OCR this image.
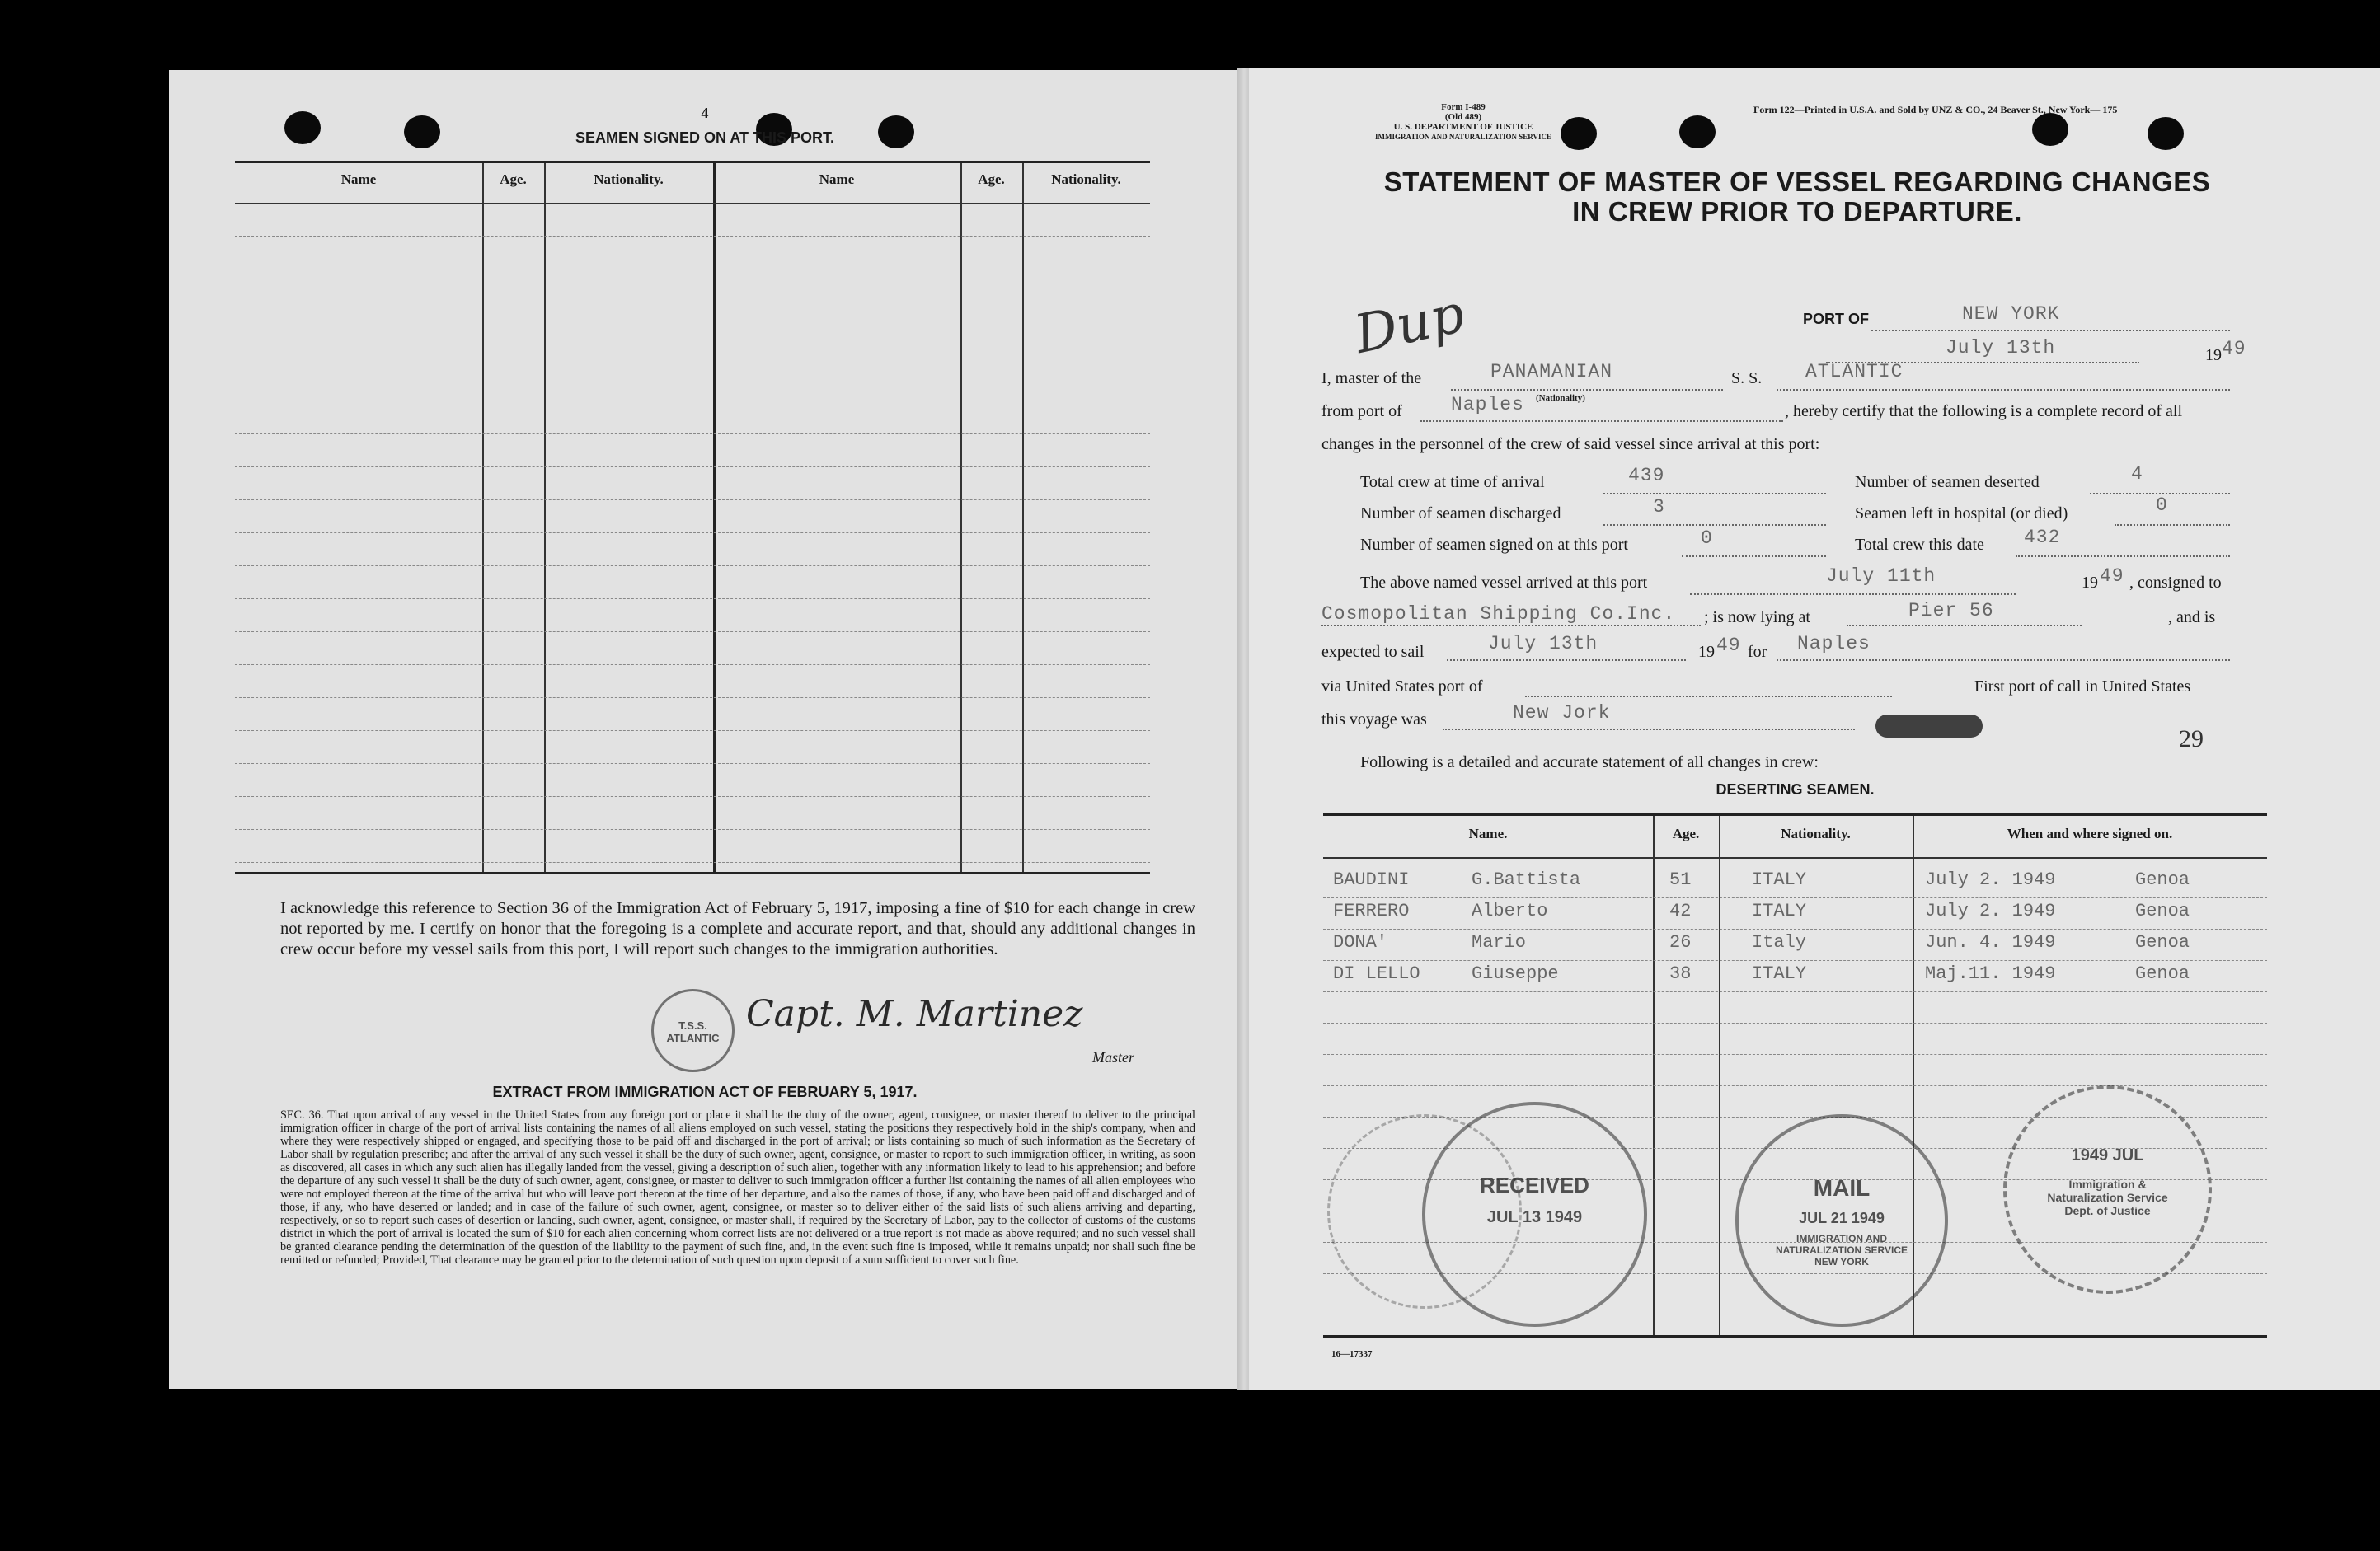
4
SEAMEN SIGNED ON AT THIS PORT.
Name	Age.	Nationality.	Name	Age.	Nationality.
I acknowledge this reference to Section 36 of the Immigration Act of February 5, 1917, imposing a fine of $10 for each change in crew not reported by me. I certify on honor that the foregoing is a complete and accurate report, and that, should any additional changes in crew occur before my vessel sails from this port, I will report such changes to the immigration authorities.
T.S.S. ATLANTIC
Capt. M. Martinez
Master
EXTRACT FROM IMMIGRATION ACT OF FEBRUARY 5, 1917.
SEC. 36. That upon arrival of any vessel in the United States from any foreign port or place it shall be the duty of the owner, agent, consignee, or master thereof to deliver to the principal immigration officer in charge of the port of arrival lists containing the names of all aliens employed on such vessel, stating the positions they respectively hold in the ship's company, when and where they were respectively shipped or engaged, and specifying those to be paid off and discharged in the port of arrival; or lists containing so much of such information as the Secretary of Labor shall by regulation prescribe; and after the arrival of any such vessel it shall be the duty of such owner, agent, consignee, or master to report to such immigration officer, in writing, as soon as discovered, all cases in which any such alien has illegally landed from the vessel, giving a description of such alien, together with any information likely to lead to his apprehension; and before the departure of any such vessel it shall be the duty of such owner, agent, consignee, or master to deliver to such immigration officer a further list containing the names of all alien employees who were not employed thereon at the time of the arrival but who will leave port thereon at the time of her departure, and also the names of those, if any, who have been paid off and discharged and of those, if any, who have deserted or landed; and in case of the failure of such owner, agent, consignee, or master so to deliver either of the said lists of such aliens arriving and departing, respectively, or so to report such cases of desertion or landing, such owner, agent, consignee, or master shall, if required by the Secretary of Labor, pay to the collector of customs of the customs district in which the port of arrival is located the sum of $10 for each alien concerning whom correct lists are not delivered or a true report is not made as above required; and no such vessel shall be granted clearance pending the determination of the question of the liability to the payment of such fine, and, in the event such fine is imposed, while it remains unpaid; nor shall such fine be remitted or refunded; Provided, That clearance may be granted prior to the determination of such question upon deposit of a sum sufficient to cover such fine.
Form I-489
(Old 489)
U. S. DEPARTMENT OF JUSTICE
IMMIGRATION AND NATURALIZATION SERVICE
Form 122—Printed in U.S.A. and Sold by UNZ & CO., 24 Beaver St., New York— 175
STATEMENT OF MASTER OF VESSEL REGARDING CHANGES
IN CREW PRIOR TO DEPARTURE.
Dup	PORT OF	NEW YORK
July 13th	19 49
I, master of the	PANAMANIAN
(Nationality)
S. S. ATLANTIC
from port of	Naples	, hereby certify that the following is a complete record of all
changes in the personnel of the crew of said vessel since arrival at this port:
Total crew at time of arrival	439	Number of seamen deserted	4
Number of seamen discharged	3	Seamen left in hospital (or died)	0
Number of seamen signed on at this port	0	Total crew this date 432
The above named vessel arrived at this port	July 11th	19 49 , consigned to
Cosmopolitan Shipping Co.Inc. ; is now lying at	Pier 56	, and is
expected to sail	July 13th	19 49 for Naples
via United States port of	First port of call in United States
this voyage was	New Jork
29
Following is a detailed and accurate statement of all changes in crew:
DESERTING SEAMEN.
Name.	Age.	Nationality.	When and where signed on.
BAUDINI	G.Battista	51	ITALY	July 2. 1949	Genoa
FERRERO	Alberto	42	ITALY	July 2. 1949	Genoa
DONA'	Mario	26	Italy	Jun. 4. 1949	Genoa
DI LELLO	Giuseppe	38	ITALY	Maj.11. 1949	Genoa
RECEIVED
JUL 13 1949
MAIL
JUL 21 1949
IMMIGRATION AND NATURALIZATION SERVICE NEW YORK
1949 JUL
Immigration & Naturalization Service Dept. of Justice
16—17337
